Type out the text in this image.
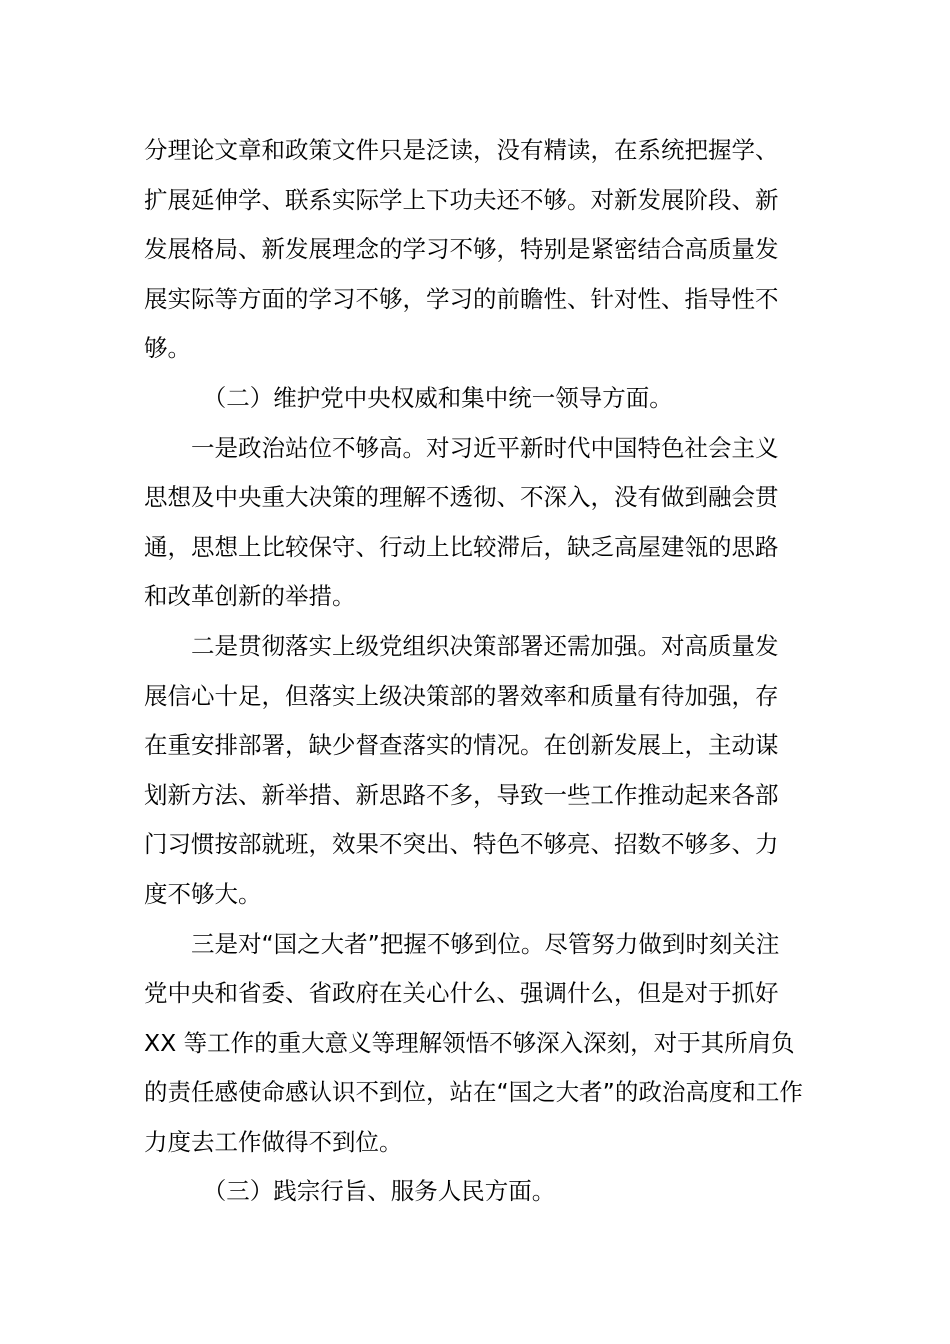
分理论文章和政策文件只是泛读，没有精读，在系统把握学、
扩展延伸学、联系实际学上下功夫还不够。对新发展阶段、新
发展格局、新发展理念的学习不够，特别是紧密结合高质量发
展实际等方面的学习不够，学习的前瞻性、针对性、指导性不
够。

（二）维护党中央权威和集中统一领导方面。

一是政治站位不够高。对习近平新时代中国特色社会主义
思想及中央重大决策的理解不透彻、不深入，没有做到融会贯
通，思想上比较保守、行动上比较滞后，缺乏高屋建瓴的思路
和改革创新的举措。

二是贯彻落实上级党组织决策部署还需加强。对高质量发
展信心十足，但落实上级决策部的署效率和质量有待加强，存
在重安排部署，缺少督查落实的情况。在创新发展上，主动谋
划新方法、新举措、新思路不多，导致一些工作推动起来各部
门习惯按部就班，效果不突出、特色不够亮、招数不够多、力
度不够大。

三是对“国之大者”把握不够到位。尽管努力做到时刻关注
党中央和省委、省政府在关心什么、强调什么，但是对于抓好
XX 等工作的重大意义等理解领悟不够深入深刻，对于其所肩负
的责任感使命感认识不到位，站在“国之大者”的政治高度和工作
力度去工作做得不到位。

（三）践宗行旨、服务人民方面。
